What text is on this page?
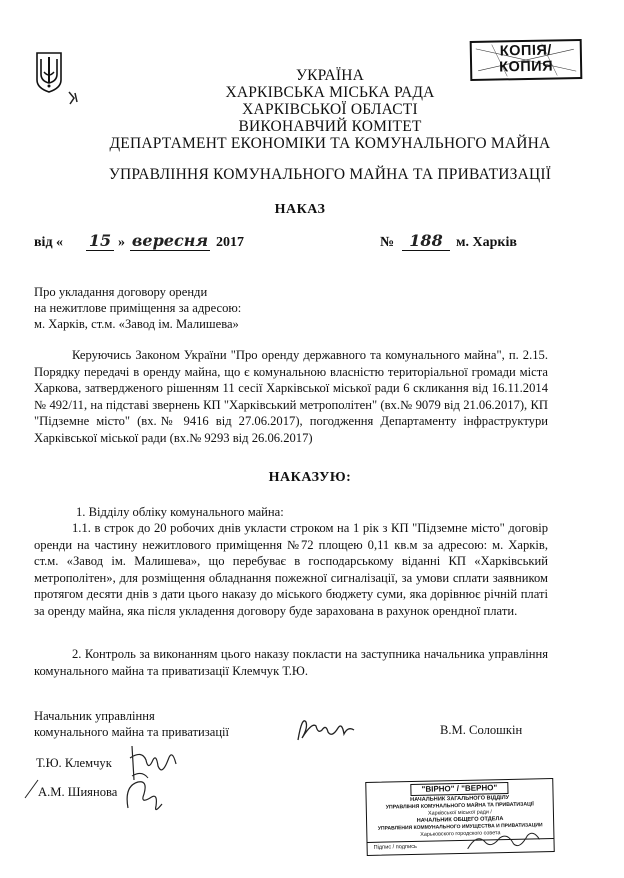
КОПІЯ/ КОПИЯ
УКРАЇНА
ХАРКІВСЬКА МІСЬКА РАДА
ХАРКІВСЬКОЇ ОБЛАСТІ
ВИКОНАВЧИЙ КОМІТЕТ
ДЕПАРТАМЕНТ ЕКОНОМІКИ ТА КОМУНАЛЬНОГО МАЙНА
УПРАВЛІННЯ КОМУНАЛЬНОГО МАЙНА ТА ПРИВАТИЗАЦІЇ
НАКАЗ
від « 15 » вересня 2017	№ 188 м. Харків
Про укладання договору оренди
на нежитлове приміщення за адресою:
м. Харків, ст.м. «Завод ім. Малишева»
Керуючись Законом України "Про оренду державного та комунального майна", п. 2.15. Порядку передачі в оренду майна, що є комунальною власністю територіальної громади міста Харкова, затвердженого рішенням 11 сесії Харківської міської ради 6 скликання від 16.11.2014 № 492/11, на підставі звернень КП "Харківський метрополітен" (вх.№ 9079 від 21.06.2017), КП "Підземне місто" (вх.№ 9416 від 27.06.2017), погодження Департаменту інфраструктури Харківської міської ради (вх.№ 9293 від 26.06.2017)
НАКАЗУЮ:
1. Відділу обліку комунального майна:
1.1. в строк до 20 робочих днів укласти строком на 1 рік з КП "Підземне місто" договір оренди на частину нежитлового приміщення №72 площею 0,11 кв.м за адресою: м. Харків, ст.м. «Завод ім. Малишева», що перебуває в господарському віданні КП «Харківський метрополітен», для розміщення обладнання пожежної сигналізації, за умови сплати заявником протягом десяти днів з дати цього наказу до міського бюджету суми, яка дорівнює річній платі за оренду майна, яка після укладення договору буде зарахована в рахунок орендної плати.
2. Контроль за виконанням цього наказу покласти на заступника начальника управління комунального майна та приватизації Клемчук Т.Ю.
Начальник управління
комунального майна та приватизації	В.М. Солошкін
Т.Ю. Клемчук
А.М. Шиянова	"ВІРНО" / "ВЕРНО"
НАЧАЛЬНИК ЗАГАЛЬНОГО ВІДДІЛУ
УПРАВЛІННЯ КОМУНАЛЬНОГО МАЙНА ТА ПРИВАТИЗАЦІЇ
Харківської міської ради /
НАЧАЛЬНИК ОБЩЕГО ОТДЕЛА
УПРАВЛЕНИЯ КОММУНАЛЬНОГО ИМУЩЕСТВА И ПРИВАТИЗАЦИИ
Харьковского городского совета
Підпис / подпись
